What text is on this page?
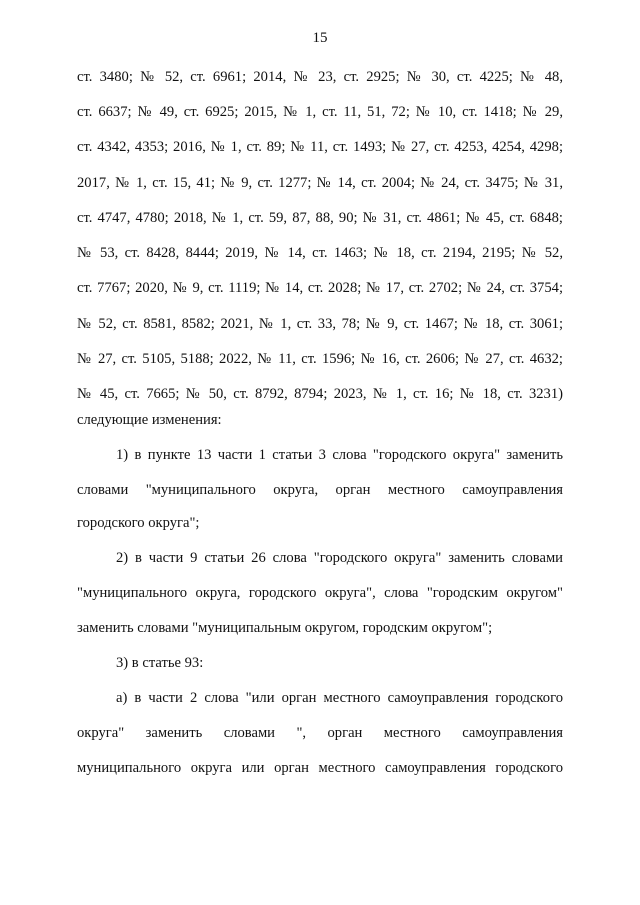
15
ст. 3480; № 52, ст. 6961; 2014, № 23, ст. 2925; № 30, ст. 4225; № 48,
ст. 6637; № 49, ст. 6925; 2015, № 1, ст. 11, 51, 72; № 10, ст. 1418; № 29,
ст. 4342, 4353; 2016, № 1, ст. 89; № 11, ст. 1493; № 27, ст. 4253, 4254, 4298;
2017, № 1, ст. 15, 41; № 9, ст. 1277; № 14, ст. 2004; № 24, ст. 3475; № 31,
ст. 4747, 4780; 2018, № 1, ст. 59, 87, 88, 90; № 31, ст. 4861; № 45, ст. 6848;
№ 53, ст. 8428, 8444; 2019, № 14, ст. 1463; № 18, ст. 2194, 2195; № 52,
ст. 7767; 2020, № 9, ст. 1119; № 14, ст. 2028; № 17, ст. 2702; № 24, ст. 3754;
№ 52, ст. 8581, 8582; 2021, № 1, ст. 33, 78; № 9, ст. 1467; № 18, ст. 3061;
№ 27, ст. 5105, 5188; 2022, № 11, ст. 1596; № 16, ст. 2606; № 27, ст. 4632;
№ 45, ст. 7665; № 50, ст. 8792, 8794; 2023, № 1, ст. 16; № 18, ст. 3231)
следующие изменения:
1) в пункте 13 части 1 статьи 3 слова "городского округа" заменить
словами "муниципального округа, орган местного самоуправления
городского округа";
2) в части 9 статьи 26 слова "городского округа" заменить словами
"муниципального округа, городского округа", слова "городским округом"
заменить словами "муниципальным округом, городским округом";
3) в статье 93:
а) в части 2 слова "или орган местного самоуправления городского
округа" заменить словами ", орган местного самоуправления
муниципального округа или орган местного самоуправления городского
